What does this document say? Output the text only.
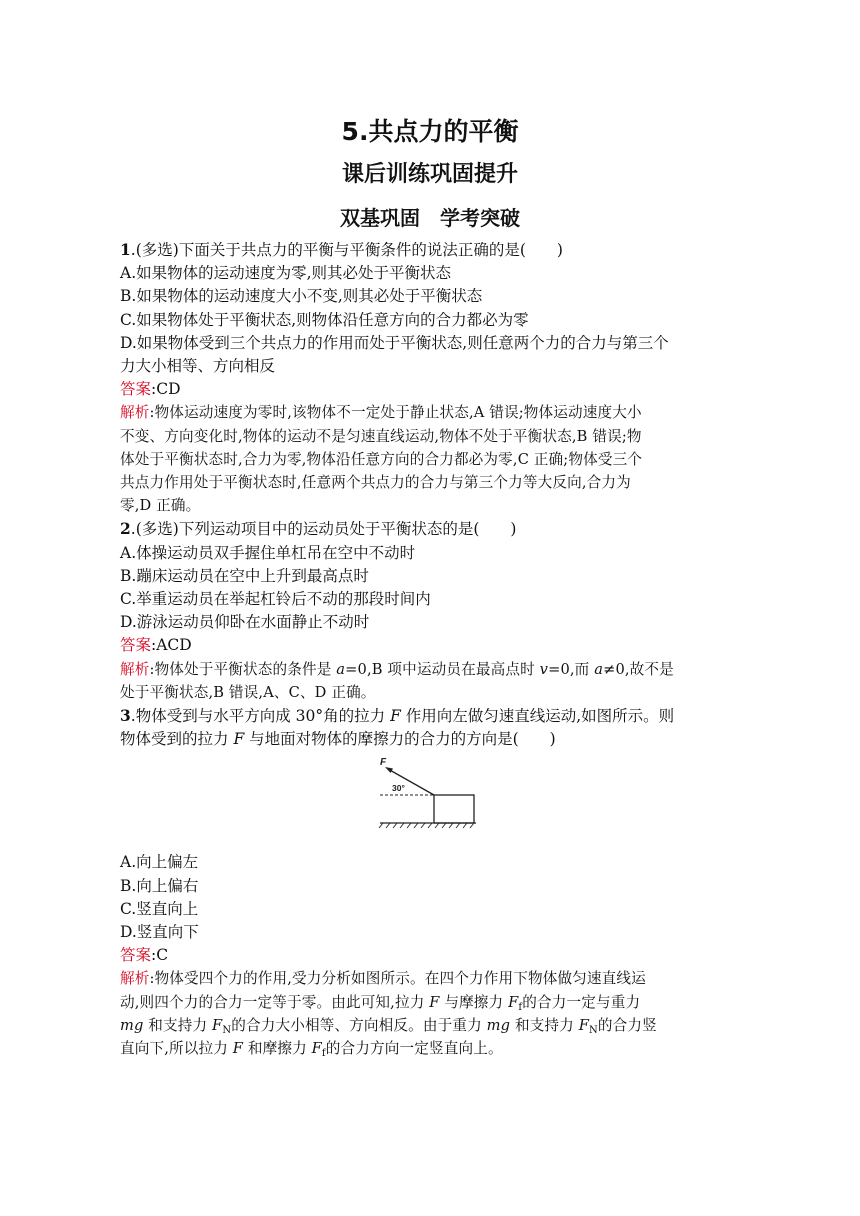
5.共点力的平衡
课后训练巩固提升
双基巩固　学考突破
1.(多选)下面关于共点力的平衡与平衡条件的说法正确的是(　　)
A.如果物体的运动速度为零,则其必处于平衡状态
B.如果物体的运动速度大小不变,则其必处于平衡状态
C.如果物体处于平衡状态,则物体沿任意方向的合力都必为零
D.如果物体受到三个共点力的作用而处于平衡状态,则任意两个力的合力与第三个
力大小相等、方向相反
答案:CD
解析:物体运动速度为零时,该物体不一定处于静止状态,A 错误;物体运动速度大小
不变、方向变化时,物体的运动不是匀速直线运动,物体不处于平衡状态,B 错误;物
体处于平衡状态时,合力为零,物体沿任意方向的合力都必为零,C 正确;物体受三个
共点力作用处于平衡状态时,任意两个共点力的合力与第三个力等大反向,合力为
零,D 正确。
2.(多选)下列运动项目中的运动员处于平衡状态的是(　　)
A.体操运动员双手握住单杠吊在空中不动时
B.蹦床运动员在空中上升到最高点时
C.举重运动员在举起杠铃后不动的那段时间内
D.游泳运动员仰卧在水面静止不动时
答案:ACD
解析:物体处于平衡状态的条件是 a=0,B 项中运动员在最高点时 v=0,而 a≠0,故不是
处于平衡状态,B 错误,A、C、D 正确。
3.物体受到与水平方向成 30°角的拉力 F 作用向左做匀速直线运动,如图所示。则
物体受到的拉力 F 与地面对物体的摩擦力的合力的方向是(　　)
F
30°
A.向上偏左
B.向上偏右
C.竖直向上
D.竖直向下
答案:C
解析:物体受四个力的作用,受力分析如图所示。在四个力作用下物体做匀速直线运
动,则四个力的合力一定等于零。由此可知,拉力 F 与摩擦力 $F_f$的合力一定与重力
mg 和支持力 $F_N$的合力大小相等、方向相反。由于重力 mg 和支持力 $F_N$的合力竖
直向下,所以拉力 F 和摩擦力 $F_f$的合力方向一定竖直向上。
